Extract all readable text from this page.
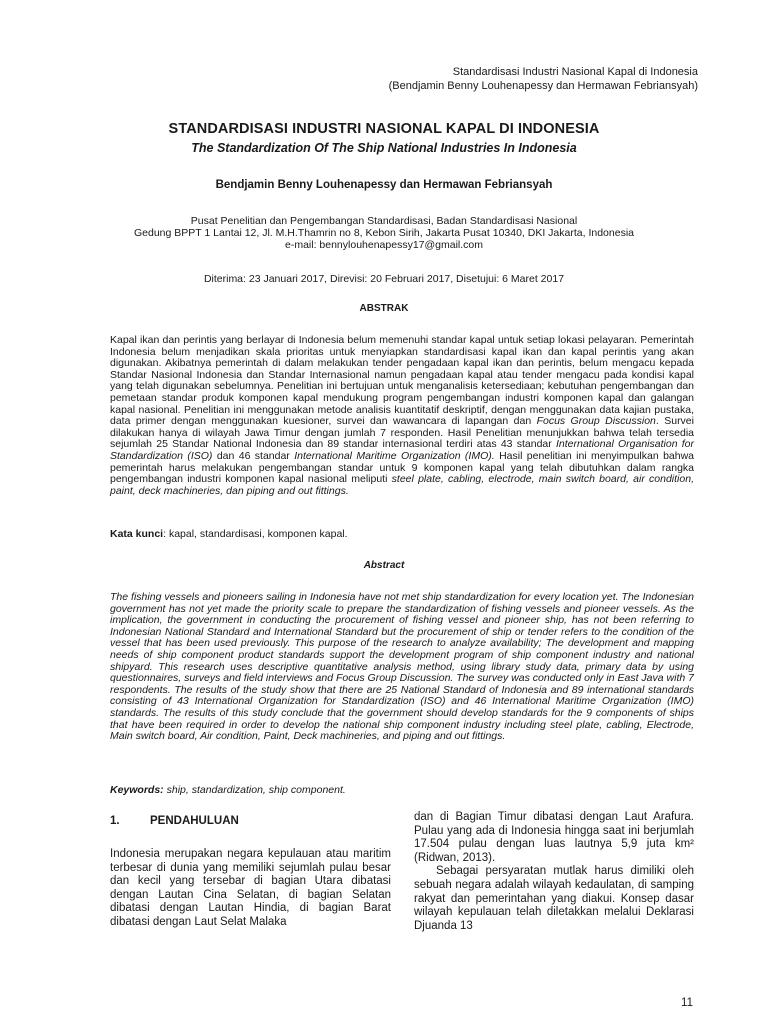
Standardisasi Industri Nasional Kapal di Indonesia
(Bendjamin Benny Louhenapessy dan Hermawan Febriansyah)
STANDARDISASI INDUSTRI NASIONAL KAPAL DI INDONESIA
The Standardization Of The Ship National Industries In Indonesia
Bendjamin Benny Louhenapessy dan Hermawan Febriansyah
Pusat Penelitian dan Pengembangan Standardisasi, Badan Standardisasi Nasional
Gedung BPPT 1 Lantai 12, Jl. M.H.Thamrin no 8, Kebon Sirih, Jakarta Pusat 10340, DKI Jakarta, Indonesia
e-mail: bennylouhenapessy17@gmail.com
Diterima: 23 Januari 2017, Direvisi: 20 Februari 2017, Disetujui: 6 Maret 2017
ABSTRAK
Kapal ikan dan perintis yang berlayar di Indonesia belum memenuhi standar kapal untuk setiap lokasi pelayaran. Pemerintah Indonesia belum menjadikan skala prioritas untuk menyiapkan standardisasi kapal ikan dan kapal perintis yang akan digunakan. Akibatnya pemerintah di dalam melakukan tender pengadaan kapal ikan dan perintis, belum mengacu kepada Standar Nasional Indonesia dan Standar Internasional namun pengadaan kapal atau tender mengacu pada kondisi kapal yang telah digunakan sebelumnya. Penelitian ini bertujuan untuk menganalisis ketersediaan; kebutuhan pengembangan dan pemetaan standar produk komponen kapal mendukung program pengembangan industri komponen kapal dan galangan kapal nasional. Penelitian ini menggunakan metode analisis kuantitatif deskriptif, dengan menggunakan data kajian pustaka, data primer dengan menggunakan kuesioner, survei dan wawancara di lapangan dan Focus Group Discussion. Survei dilakukan hanya di wilayah Jawa Timur dengan jumlah 7 responden. Hasil Penelitian menunjukkan bahwa telah tersedia sejumlah 25 Standar National Indonesia dan 89 standar internasional terdiri atas 43 standar International Organisation for Standardization (ISO) dan 46 standar International Maritime Organization (IMO). Hasil penelitian ini menyimpulkan bahwa pemerintah harus melakukan pengembangan standar untuk 9 komponen kapal yang telah dibutuhkan dalam rangka pengembangan industri komponen kapal nasional meliputi steel plate, cabling, electrode, main switch board, air condition, paint, deck machineries, dan piping and out fittings.
Kata kunci: kapal, standardisasi, komponen kapal.
Abstract
The fishing vessels and pioneers sailing in Indonesia have not met ship standardization for every location yet. The Indonesian government has not yet made the priority scale to prepare the standardization of fishing vessels and pioneer vessels. As the implication, the government in conducting the procurement of fishing vessel and pioneer ship, has not been referring to Indonesian National Standard and International Standard but the procurement of ship or tender refers to the condition of the vessel that has been used previously. This purpose of the research to analyze availability; The development and mapping needs of ship component product standards support the development program of ship component industry and national shipyard. This research uses descriptive quantitative analysis method, using library study data, primary data by using questionnaires, surveys and field interviews and Focus Group Discussion. The survey was conducted only in East Java with 7 respondents. The results of the study show that there are 25 National Standard of Indonesia and 89 international standards consisting of 43 International Organization for Standardization (ISO) and 46 International Maritime Organization (IMO) standards. The results of this study conclude that the government should develop standards for the 9 components of ships that have been required in order to develop the national ship component industry including steel plate, cabling, Electrode, Main switch board, Air condition, Paint, Deck machineries, and piping and out fittings.
Keywords: ship, standardization, ship component.
1.	PENDAHULUAN

Indonesia merupakan negara kepulauan atau maritim terbesar di dunia yang memiliki sejumlah pulau besar dan kecil yang tersebar di bagian Utara dibatasi dengan Lautan Cina Selatan, di bagian Selatan dibatasi dengan Lautan Hindia, di bagian Barat dibatasi dengan Laut Selat Malaka

dan di Bagian Timur dibatasi dengan Laut Arafura. Pulau yang ada di Indonesia hingga saat ini berjumlah 17.504 pulau dengan luas lautnya 5,9 juta km² (Ridwan, 2013).

Sebagai persyaratan mutlak harus dimiliki oleh sebuah negara adalah wilayah kedaulatan, di samping rakyat dan pemerintahan yang diakui. Konsep dasar wilayah kepulauan telah diletakkan melalui Deklarasi Djuanda 13

11
